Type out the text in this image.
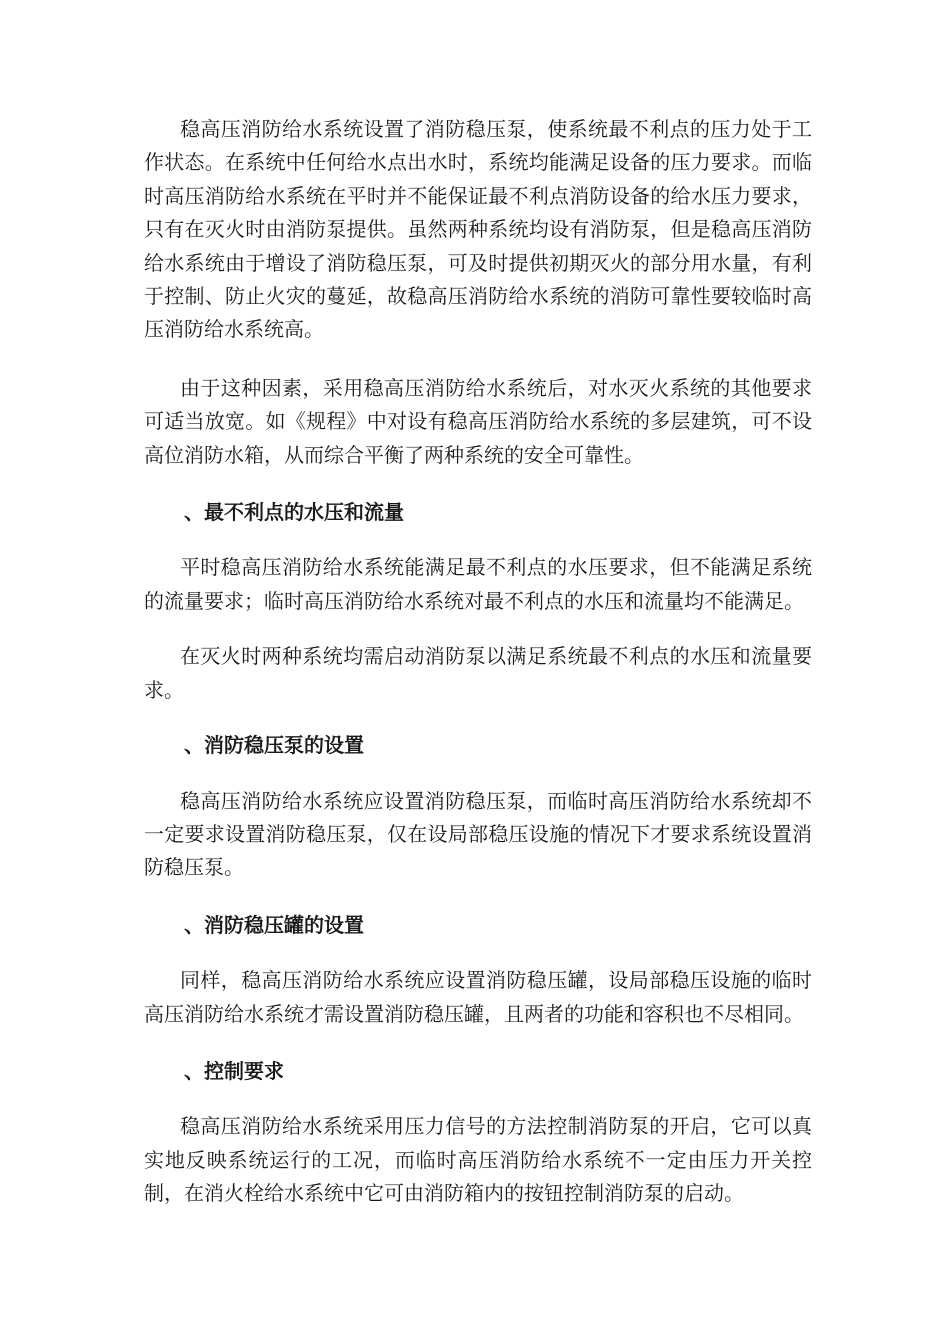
稳高压消防给水系统设置了消防稳压泵，使系统最不利点的压力处于工作状态。在系统中任何给水点出水时，系统均能满足设备的压力要求。而临时高压消防给水系统在平时并不能保证最不利点消防设备的给水压力要求，只有在灭火时由消防泵提供。虽然两种系统均设有消防泵，但是稳高压消防给水系统由于增设了消防稳压泵，可及时提供初期灭火的部分用水量，有利于控制、防止火灾的蔓延，故稳高压消防给水系统的消防可靠性要较临时高压消防给水系统高。

由于这种因素，采用稳高压消防给水系统后，对水灭火系统的其他要求可适当放宽。如《规程》中对设有稳高压消防给水系统的多层建筑，可不设高位消防水箱，从而综合平衡了两种系统的安全可靠性。

、最不利点的水压和流量

平时稳高压消防给水系统能满足最不利点的水压要求，但不能满足系统的流量要求；临时高压消防给水系统对最不利点的水压和流量均不能满足。

在灭火时两种系统均需启动消防泵以满足系统最不利点的水压和流量要求。

、消防稳压泵的设置

稳高压消防给水系统应设置消防稳压泵，而临时高压消防给水系统却不一定要求设置消防稳压泵，仅在设局部稳压设施的情况下才要求系统设置消防稳压泵。

、消防稳压罐的设置

同样，稳高压消防给水系统应设置消防稳压罐，设局部稳压设施的临时高压消防给水系统才需设置消防稳压罐，且两者的功能和容积也不尽相同。

、控制要求

稳高压消防给水系统采用压力信号的方法控制消防泵的开启，它可以真实地反映系统运行的工况，而临时高压消防给水系统不一定由压力开关控制，在消火栓给水系统中它可由消防箱内的按钮控制消防泵的启动。
